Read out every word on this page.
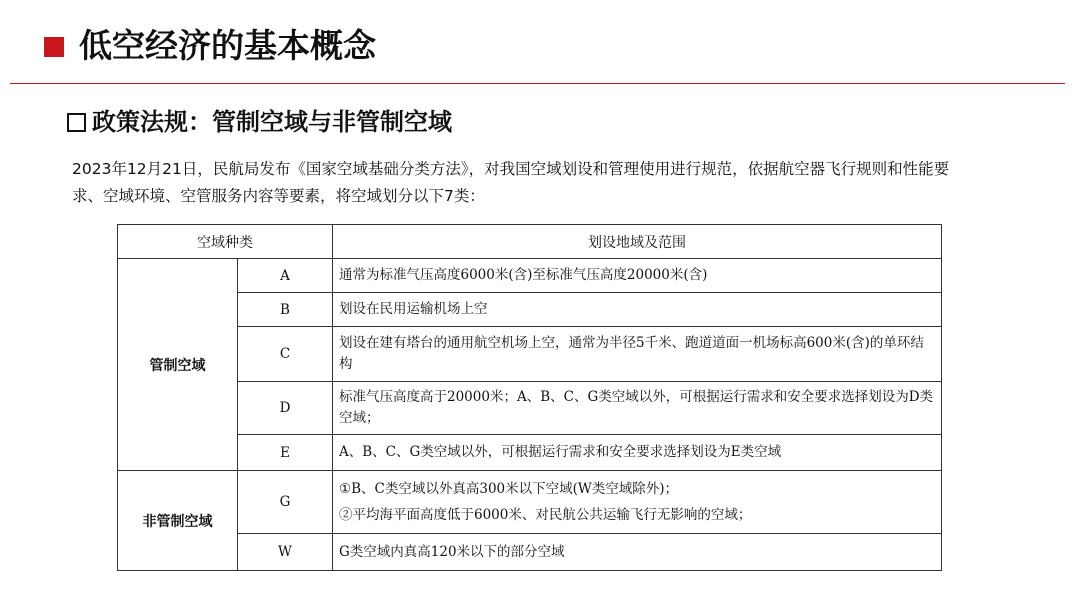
低空经济的基本概念
政策法规：管制空域与非管制空域

2023年12月21日，民航局发布《国家空域基础分类方法》，对我国空域划设和管理使用进行规范，依据航空器飞行规则和性能要求、空域环境、空管服务内容等要素，将空域划分以下7类：

空域种类		划设地域及范围
管制空域	A	通常为标准气压高度6000米(含)至标准气压高度20000米(含)

	B	划设在民用运输机场上空

	C	划设在建有塔台的通用航空机场上空，通常为半径5千米、跑道道面一机场标高600米(含)的单环结构

	D	标准气压高度高于20000米；A、B、C、G类空域以外，可根据运行需求和安全要求选择划设为D类空域；

	E	A、B、C、G类空域以外，可根据运行需求和安全要求选择划设为E类空域

非管制空域	G	①B、C类空域以外真高300米以下空域(W类空域除外)；
②平均海平面高度低于6000米、对民航公共运输飞行无影响的空域；

	W	G类空域内真高120米以下的部分空域
